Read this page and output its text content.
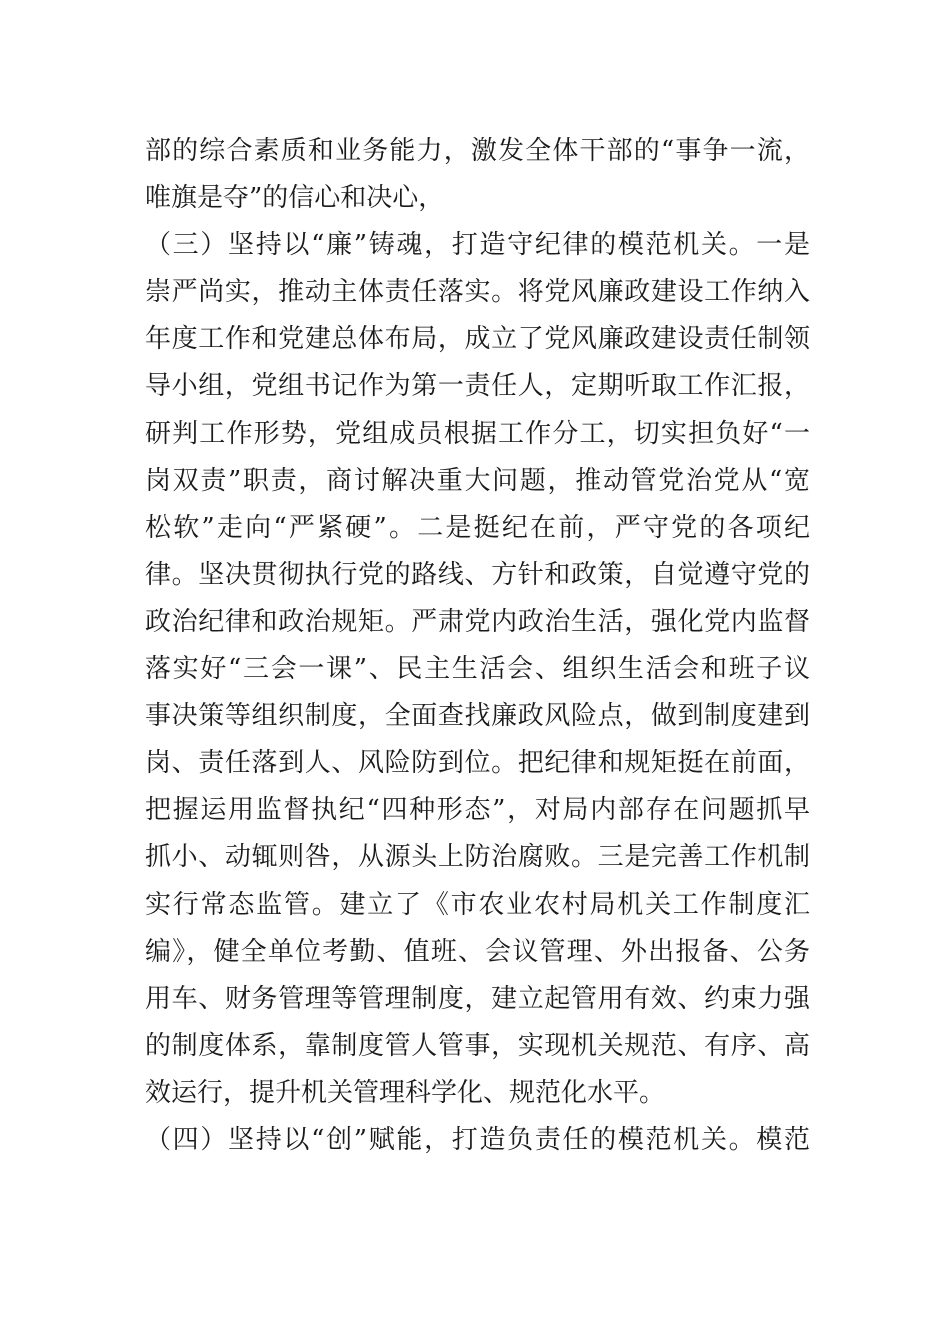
部的综合素质和业务能力，激发全体干部的“事争一流，
唯旗是夺”的信心和决心，
（三）坚持以“廉”铸魂，打造守纪律的模范机关。一是
崇严尚实，推动主体责任落实。将党风廉政建设工作纳入
年度工作和党建总体布局，成立了党风廉政建设责任制领
导小组，党组书记作为第一责任人，定期听取工作汇报，
研判工作形势，党组成员根据工作分工，切实担负好“一
岗双责”职责，商讨解决重大问题，推动管党治党从“宽
松软”走向“严紧硬”。二是挺纪在前，严守党的各项纪
律。坚决贯彻执行党的路线、方针和政策，自觉遵守党的
政治纪律和政治规矩。严肃党内政治生活，强化党内监督
落实好“三会一课”、民主生活会、组织生活会和班子议
事决策等组织制度，全面查找廉政风险点，做到制度建到
岗、责任落到人、风险防到位。把纪律和规矩挺在前面，
把握运用监督执纪“四种形态”，对局内部存在问题抓早
抓小、动辄则咎，从源头上防治腐败。三是完善工作机制
实行常态监管。建立了《市农业农村局机关工作制度汇
编》，健全单位考勤、值班、会议管理、外出报备、公务
用车、财务管理等管理制度，建立起管用有效、约束力强
的制度体系，靠制度管人管事，实现机关规范、有序、高
效运行，提升机关管理科学化、规范化水平。
（四）坚持以“创”赋能，打造负责任的模范机关。模范
